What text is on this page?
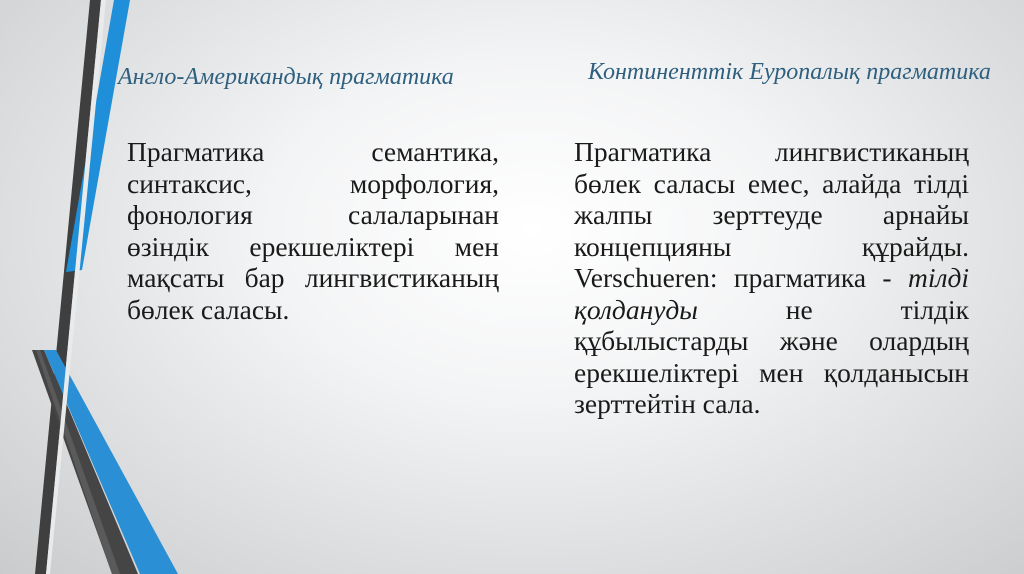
Англо-Американдық прагматика	Континенттік Еуропалық прагматика

Прагматика семантика, синтаксис, морфология, фонология салаларынан өзіндік ерекшеліктері мен мақсаты бар лингвистиканың бөлек саласы.

Прагматика лингвистиканың бөлек саласы емес, алайда тілді жалпы зерттеуде арнайы концепцияны құрайды. Verschueren: прагматика - тілді қолдануды не тілдік құбылыстарды және олардың ерекшеліктері мен қолданысын зерттейтін сала.
